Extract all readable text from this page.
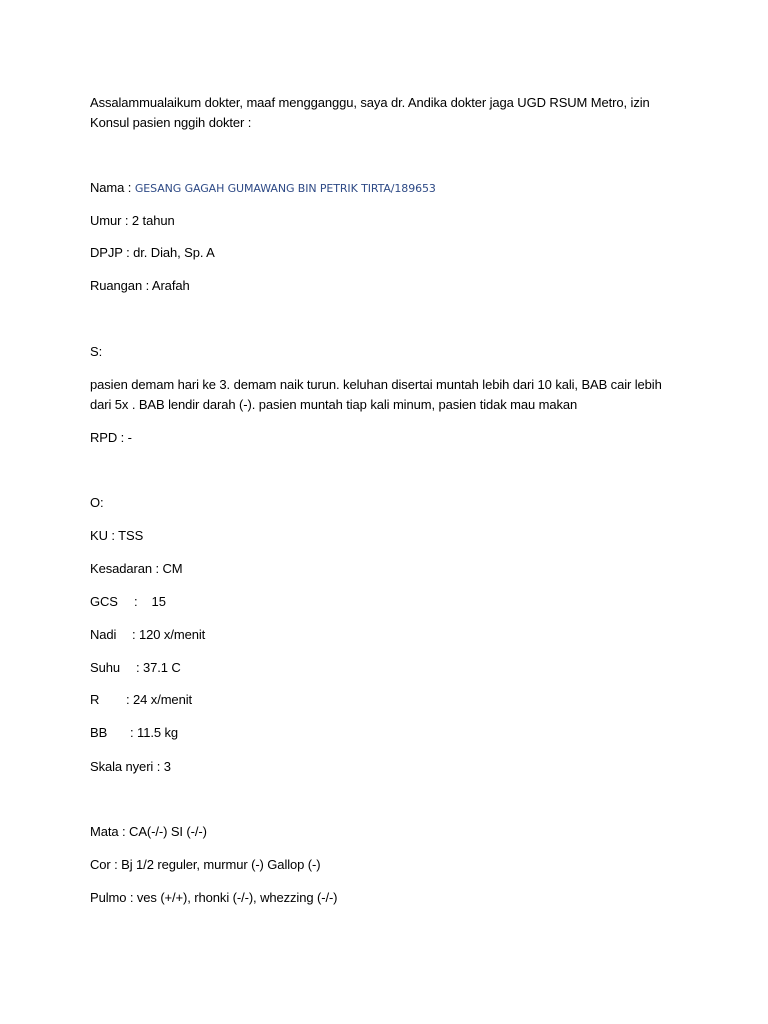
Assalammualaikum dokter, maaf mengganggu, saya dr. Andika dokter jaga UGD RSUM Metro, izin Konsul pasien nggih dokter :
Nama : GESANG GAGAH GUMAWANG BIN PETRIK TIRTA/189653
Umur : 2 tahun
DPJP : dr. Diah, Sp. A
Ruangan : Arafah
S:
pasien demam hari ke 3. demam naik turun. keluhan disertai muntah lebih dari 10 kali, BAB cair lebih dari 5x . BAB lendir darah (-). pasien muntah tiap kali minum, pasien tidak mau makan
RPD : -
O:
KU : TSS
Kesadaran : CM
GCS :    15
Nadi : 120 x/menit
Suhu : 37.1 C
R : 24 x/menit
BB : 11.5 kg
Skala nyeri : 3
Mata : CA(-/-) SI (-/-)
Cor : Bj 1/2 reguler, murmur (-) Gallop (-)
Pulmo : ves (+/+), rhonki (-/-), whezzing (-/-)
